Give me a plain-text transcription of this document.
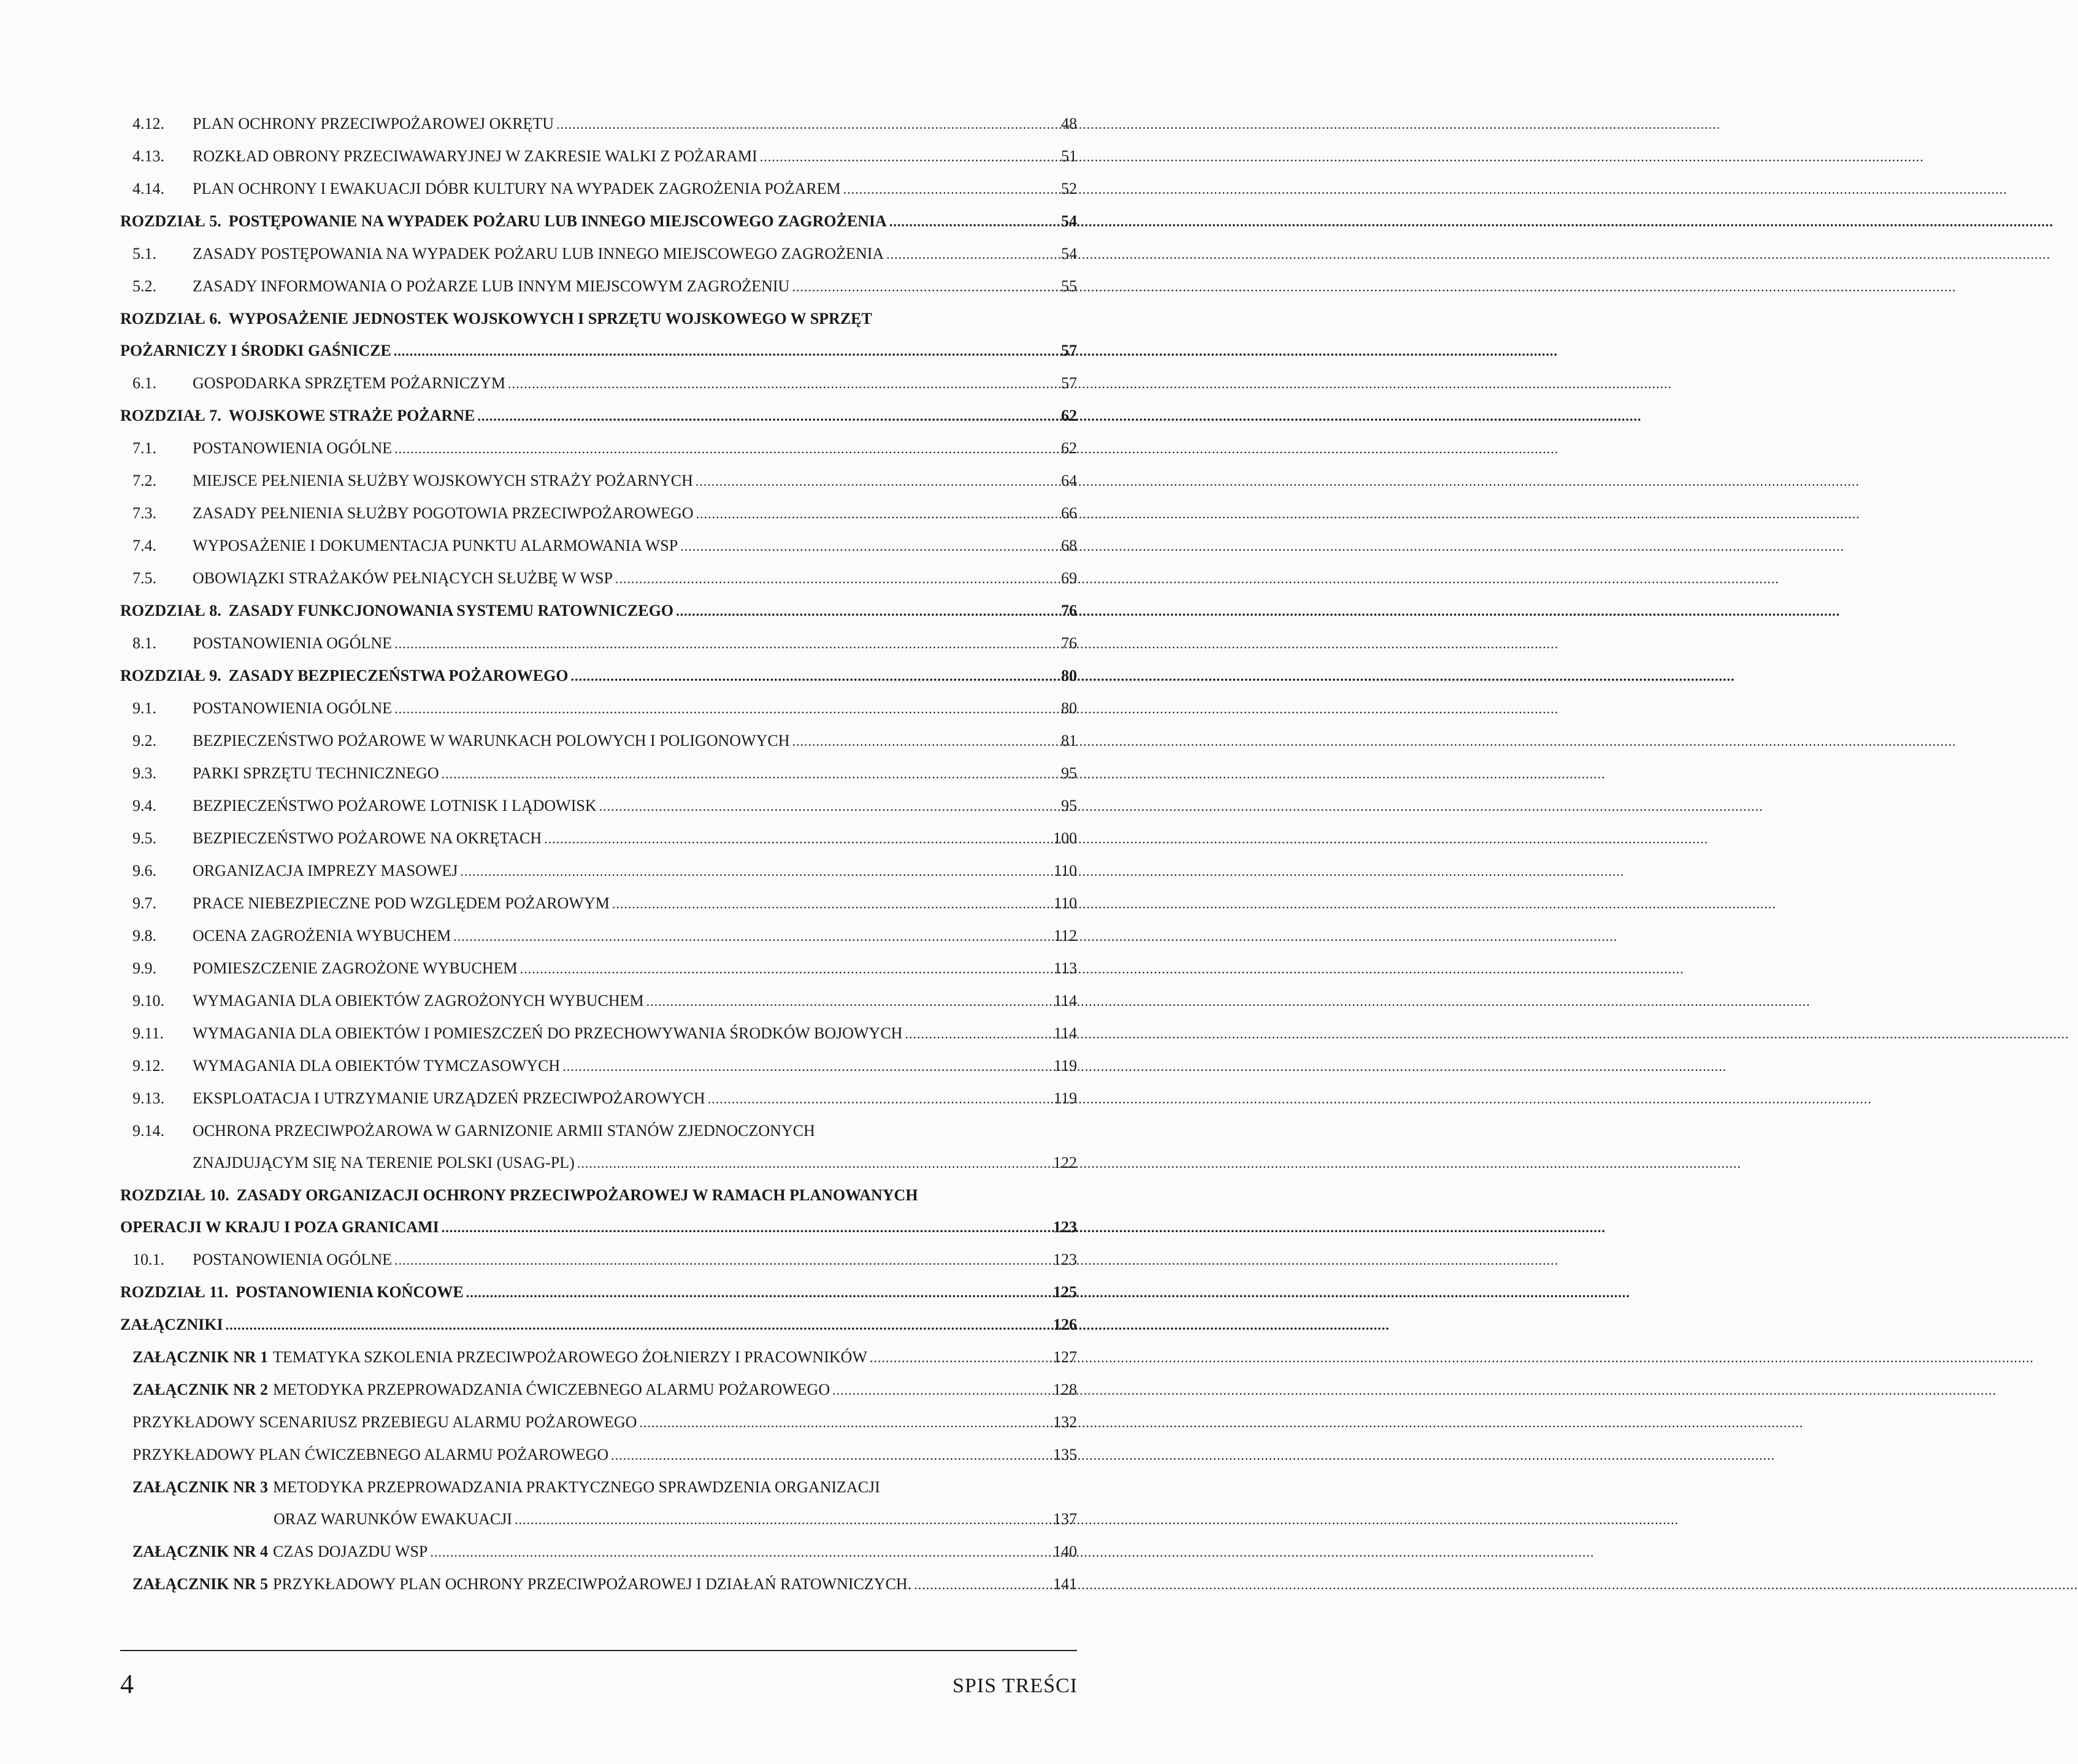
4.12.	PLAN OCHRONY PRZECIWPOŻAROWEJ OKRĘTU .....	48
4.13.	ROZKŁAD OBRONY PRZECIWAWARYJNEJ W ZAKRESIE WALKI Z POŻARAMI .....	51
4.14.	PLAN OCHRONY I EWAKUACJI DÓBR KULTURY NA WYPADEK ZAGROŻENIA POŻAREM .....	52
ROZDZIAŁ 5. POSTĘPOWANIE NA WYPADEK POŻARU LUB INNEGO MIEJSCOWEGO ZAGROŻENIA .....	54
5.1.	ZASADY POSTĘPOWANIA NA WYPADEK POŻARU LUB INNEGO MIEJSCOWEGO ZAGROŻENIA .....	54
5.2.	ZASADY INFORMOWANIA O POŻARZE LUB INNYM MIEJSCOWYM ZAGROŻENIU .....	55
ROZDZIAŁ 6. WYPOSAŻENIE JEDNOSTEK WOJSKOWYCH I SPRZĘTU WOJSKOWEGO W SPRZĘT
POŻARNICZY I ŚRODKI GAŚNICZE .....	57
6.1.	GOSPODARKA SPRZĘTEM POŻARNICZYM .....	57
ROZDZIAŁ 7. WOJSKOWE STRAŻE POŻARNE .....	62
7.1.	POSTANOWIENIA OGÓLNE .....	62
7.2.	MIEJSCE PEŁNIENIA SŁUŻBY WOJSKOWYCH STRAŻY POŻARNYCH .....	64
7.3.	ZASADY PEŁNIENIA SŁUŻBY POGOTOWIA PRZECIWPOŻAROWEGO .....	66
7.4.	WYPOSAŻENIE I DOKUMENTACJA PUNKTU ALARMOWANIA WSP .....	68
7.5.	OBOWIĄZKI STRAŻAKÓW PEŁNIĄCYCH SŁUŻBĘ W WSP .....	69
ROZDZIAŁ 8. ZASADY FUNKCJONOWANIA SYSTEMU RATOWNICZEGO .....	76
8.1.	POSTANOWIENIA OGÓLNE .....	76
ROZDZIAŁ 9. ZASADY BEZPIECZEŃSTWA POŻAROWEGO .....	80
9.1.	POSTANOWIENIA OGÓLNE .....	80
9.2.	BEZPIECZEŃSTWO POŻAROWE W WARUNKACH POLOWYCH I POLIGONOWYCH .....	81
9.3.	PARKI SPRZĘTU TECHNICZNEGO .....	95
9.4.	BEZPIECZEŃSTWO POŻAROWE LOTNISK I LĄDOWISK .....	95
9.5.	BEZPIECZEŃSTWO POŻAROWE NA OKRĘTACH .....	100
9.6.	ORGANIZACJA IMPREZY MASOWEJ .....	110
9.7.	PRACE NIEBEZPIECZNE POD WZGLĘDEM POŻAROWYM .....	110
9.8.	OCENA ZAGROŻENIA WYBUCHEM .....	112
9.9.	POMIESZCZENIE ZAGROŻONE WYBUCHEM .....	113
9.10.	WYMAGANIA DLA OBIEKTÓW ZAGROŻONYCH WYBUCHEM .....	114
9.11.	WYMAGANIA DLA OBIEKTÓW I POMIESZCZEŃ DO PRZECHOWYWANIA ŚRODKÓW BOJOWYCH .....	114
9.12.	WYMAGANIA DLA OBIEKTÓW TYMCZASOWYCH .....	119
9.13.	EKSPLOATACJA I UTRZYMANIE URZĄDZEŃ PRZECIWPOŻAROWYCH .....	119
9.14. OCHRONA PRZECIWPOŻAROWA W GARNIZONIE ARMII STANÓW ZJEDNOCZONYCH
ZNAJDUJĄCYM SIĘ NA TERENIE POLSKI (USAG-PL) .....	122
ROZDZIAŁ 10. ZASADY ORGANIZACJI OCHRONY PRZECIWPOŻAROWEJ W RAMACH PLANOWANYCH
OPERACJI W KRAJU I POZA GRANICAMI .....	123
10.1.	POSTANOWIENIA OGÓLNE .....	123
ROZDZIAŁ 11. POSTANOWIENIA KOŃCOWE .....	125
ZAŁĄCZNIKI .....	126
ZAŁĄCZNIK NR 1 TEMATYKA SZKOLENIA PRZECIWPOŻAROWEGO ŻOŁNIERZY I PRACOWNIKÓW .....	127
ZAŁĄCZNIK NR 2 METODYKA PRZEPROWADZANIA ĆWICZEBNEGO ALARMU POŻAROWEGO .....	128
PRZYKŁADOWY SCENARIUSZ PRZEBIEGU ALARMU POŻAROWEGO .....	132
PRZYKŁADOWY PLAN ĆWICZEBNEGO ALARMU POŻAROWEGO .....	135
ZAŁĄCZNIK NR 3 METODYKA PRZEPROWADZANIA PRAKTYCZNEGO SPRAWDZENIA ORGANIZACJI
ORAZ WARUNKÓW EWAKUACJI .....	137
ZAŁĄCZNIK NR 4 CZAS DOJAZDU WSP .....	140
ZAŁĄCZNIK NR 5 PRZYKŁADOWY PLAN OCHRONY PRZECIWPOŻAROWEJ I DZIAŁAŃ RATOWNICZYCH. .....	141
4	SPIS TREŚCI
